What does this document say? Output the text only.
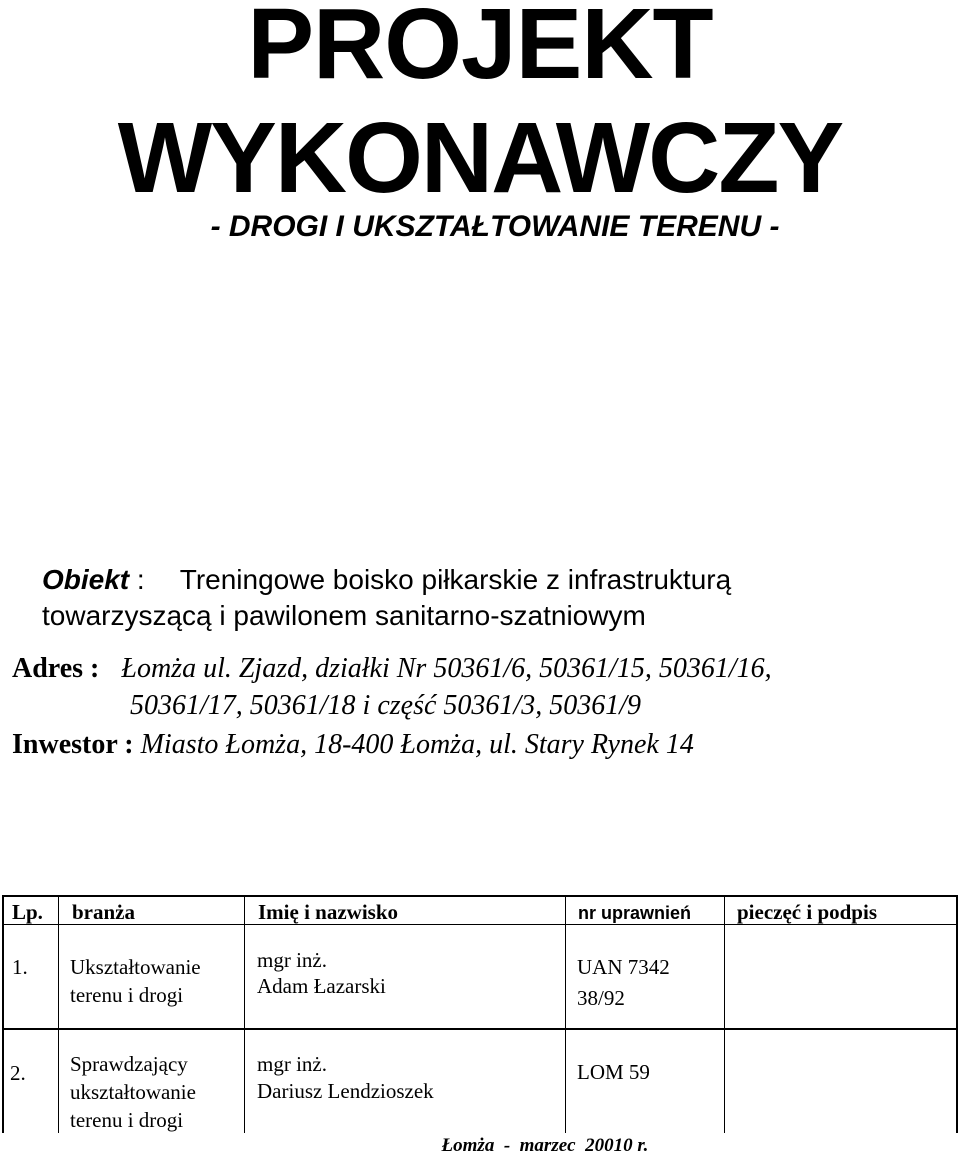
PROJEKT
WYKONAWCZY
- DROGI I UKSZTAŁTOWANIE TERENU -
Obiekt : Treningowe boisko piłkarskie z infrastrukturą
towarzyszącą i pawilonem sanitarno-szatniowym
Adres : Łomża ul. Zjazd, działki Nr 50361/6, 50361/15, 50361/16,
50361/17, 50361/18 i część 50361/3, 50361/9
Inwestor : Miasto Łomża, 18-400 Łomża, ul. Stary Rynek 14
Lp. branża	Imię i nazwisko	nr uprawnień pieczęć i podpis
1. Ukształtowanie
terenu i drogi
mgr inż.
Adam Łazarski
UAN 7342
38/92
2. Sprawdzający
ukształtowanie
terenu i drogi
mgr inż.
Dariusz Lendzioszek
LOM 59
Łomża  -  marzec  20010 r.
